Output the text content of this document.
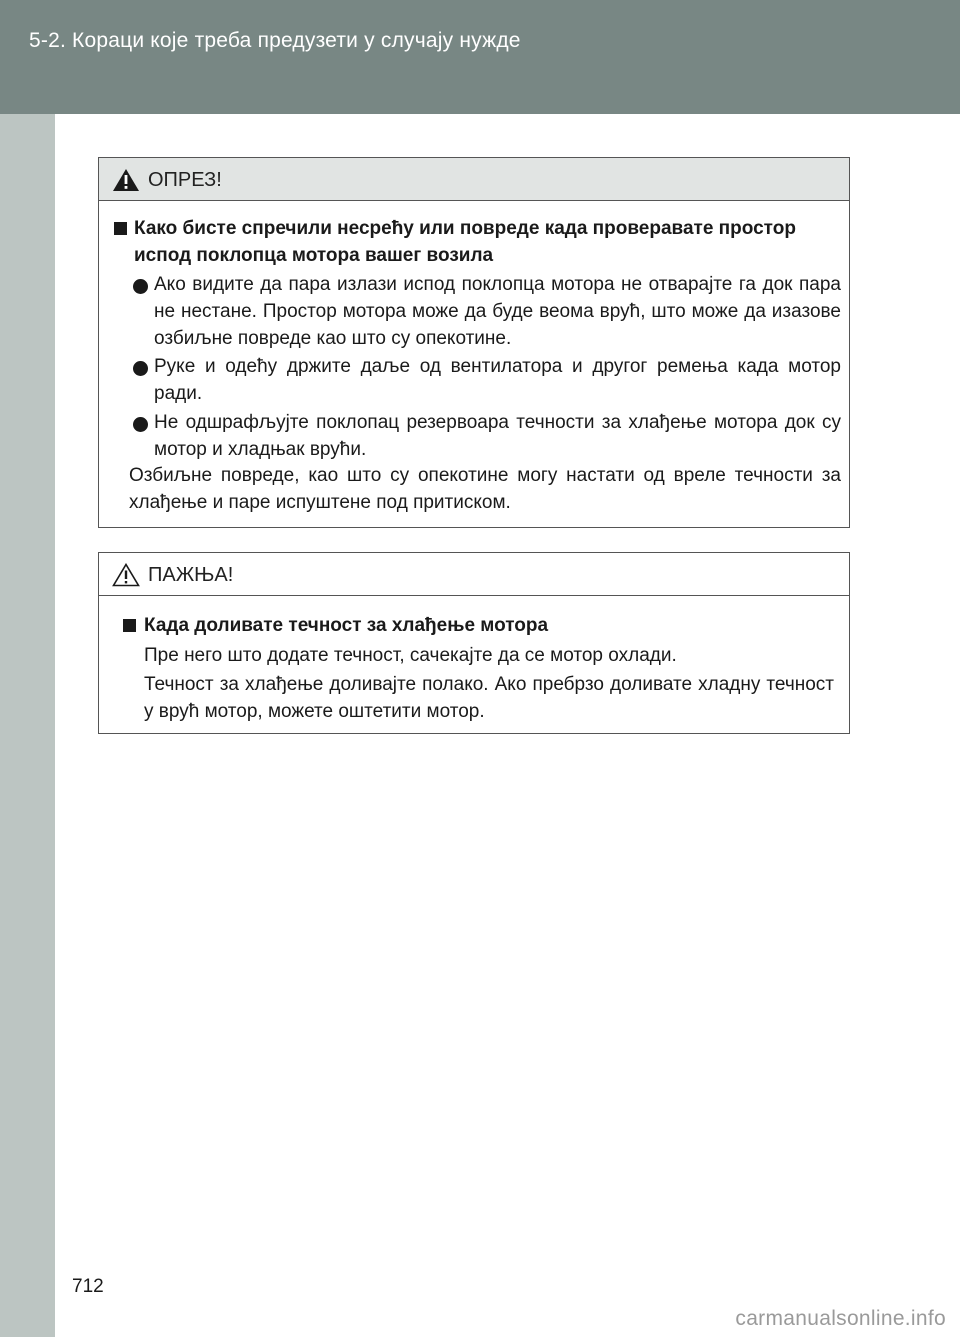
5-2. Кораци које треба предузети у случају нужде
ОПРЕЗ!
Како бисте спречили несрећу или повреде када проверавате простор испод поклопца мотора вашег возила
Ако видите да пара излази испод поклопца мотора не отварајте га док пара не нестане. Простор мотора може да буде веома врућ, што може да изазове озбиљне повреде као што су опекотине.
Руке и одећу држите даље од вентилатора и другог ремења када мотор ради.
Не одшрафљујте поклопац резервоара течности за хлађење мотора док су мотор и хладњак врући.
Озбиљне повреде, као што су опекотине могу настати од вреле течности за хлађење и паре испуштене под притиском.
ПАЖЊА!
Када доливате течност за хлађење мотора
Пре него што додате течност, сачекајте да се мотор охлади.
Течност за хлађење доливајте полако. Ако пребрзо доливате хладну течност у врућ мотор, можете оштетити мотор.
712
carmanualsonline.info
